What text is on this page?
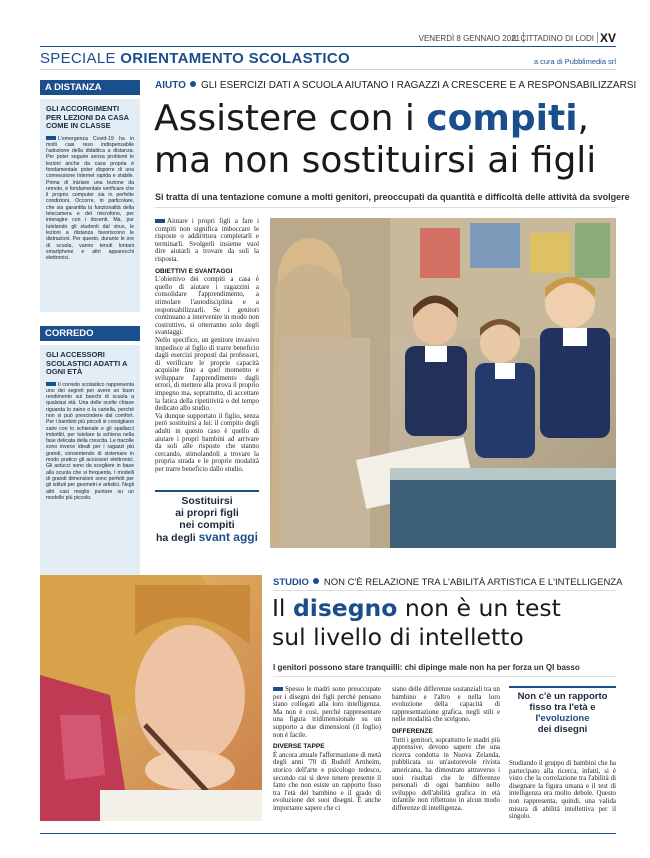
VENERDÌ 8 GENNAIO 2021
IL CITTADINO DI LODI XV
SPECIALE ORIENTAMENTO SCOLASTICO	a cura di Pubblimedia srl
A DISTANZA
GLI ACCORGIMENTI PER LEZIONI DA CASA COME IN CLASSE

L'emergenza Covid-19 ha in molti casi reso indispensabile l'adozione della didattica a distanza. Per poter seguire senza problemi le lezioni anche da casa propria è fondamentale poter disporre di una connessione Internet rapida e stabile. Prima di iniziare una lezione da remoto, è fondamentale verificare che il proprio computer sia in perfette condizioni. Occorre, in particolare, che sia garantita la funzionalità della telecamera e del microfono, per interagire con i docenti. Ma, pur tutelando gli studenti dal virus, le lezioni a distanza favoriscono le distrazioni. Per questo, durante le ore di scuola, vanno tenuti lontani smartphone e altri apparecchi elettronici.

CORREDO
GLI ACCESSORI SCOLASTICI ADATTI A OGNI ETÀ

Il corredo scolastico rappresenta uno dei segreti per avere un buon rendimento sui banchi di scuola a qualsiasi età. Una delle scelte chiave riguarda lo zaino o la cartella, perché non si può prescindere dal comfort. Per i bambini più piccoli si consigliano zaini con lo schienale e gli spallacci imbottiti, per tutelare la schiena nella fase delicata della crescita. Le tracolle sono invece ideali per i ragazzi più grandi, consentendo di sistemare in modo pratico gli accessori elettronici. Gli astucci sono da scegliere in base alla scuola che si frequenta. I modelli di grandi dimensioni sono perfetti per gli istituti per geometri e artistici. Negli altri casi meglio puntare su un modello più piccolo.

AIUTO GLI ESERCIZI DATI A SCUOLA AIUTANO I RAGAZZI A CRESCERE E A RESPONSABILIZZARSI
Assistere con i compiti,
ma non sostituirsi ai figli
Si tratta di una tentazione comune a molti genitori, preoccupati da quantità e difficoltà delle attività da svolgere

Aiutare i propri figli a fare i compiti non significa imboccare le risposte o addirittura completarli e terminarli. Svolgerli insieme vuol dire aiutarli a trovare da soli la risposta.

OBIETTIVI E SVANTAGGI

L'obiettivo dei compiti a casa è quello di aiutare i ragazzini a consolidare l'apprendimento, a stimolare l'autodisciplina e a responsabilizzarli. Se i genitori continuano a intervenire in modo non costruttivo, si otterranno solo degli svantaggi.

Nello specifico, un genitore invasivo impedisce al figlio di trarre beneficio dagli esercizi proposti dai professori, di verificare le proprie capacità acquisite fino a quel momento e sviluppare l'apprendimento dagli errori, di mettere alla prova il proprio impegno ma, soprattutto, di accettare la fatica della ripetitività o del tempo dedicato allo studio.

Va dunque supportato il figlio, senza però sostituirsi a lui: il compito degli adulti in questo caso è quello di aiutare i propri bambini ad arrivare da soli alle risposte che stanno cercando, stimolandoli a trovare la propria strada e le proprie modalità per trarre beneficio dallo studio.

Sostituirsi
ai propri figli
nei compiti
ha degli svant aggi
STUDIO NON C'È RELAZIONE TRA L'ABILITÀ ARTISTICA E L'INTELLIGENZA
Il disegno non è un test
sul livello di intelletto
I genitori possono stare tranquilli: chi dipinge male non ha per forza un QI basso

Spesso le madri sono preoccupate per i disegni dei figli perché pensano siano collegati alla loro intelligenza. Ma non è così, perché rappresentare una figura tridimensionale su un supporto a due dimensioni (il foglio) non è facile.

DIVERSE TAPPE

È ancora attuale l'affermazione di metà degli anni '70 di Rudolf Arnheim, storico dell'arte e psicologo tedesco, secondo cui si deve tenere presente il fatto che non esiste un rapporto fisso tra l'età del bambino e il grado di evoluzione dei suoi disegni. È anche importante sapere che ci

siano delle differenze sostanziali tra un bambino e l'altro e nella loro evoluzione della capacità di rappresentazione grafica, negli stili e nelle modalità che scelgono.

DIFFERENZE

Tutti i genitori, soprattutto le madri più apprensive, devono sapere che una ricerca condotta in Nuova Zelanda, pubblicata su un'autorevole rivista americana, ha dimostrato attraverso i suoi risultati che le differenze personali di ogni bambino nello sviluppo dell'abilità grafica in età infantile non riflettono in alcun modo differenze di intelligenza.

Non c'è un rapporto
fisso tra l'età e
l'evoluzione
dei disegni

Studiando il gruppo di bambini che ha partecipato alla ricerca, infatti, si è visto che la correlazione tra l'abilità di disegnare la figura umana e il test di intelligenza era molto debole. Questo non rappresenta, quindi, una valida misura di abilità intellettiva per il singolo.
